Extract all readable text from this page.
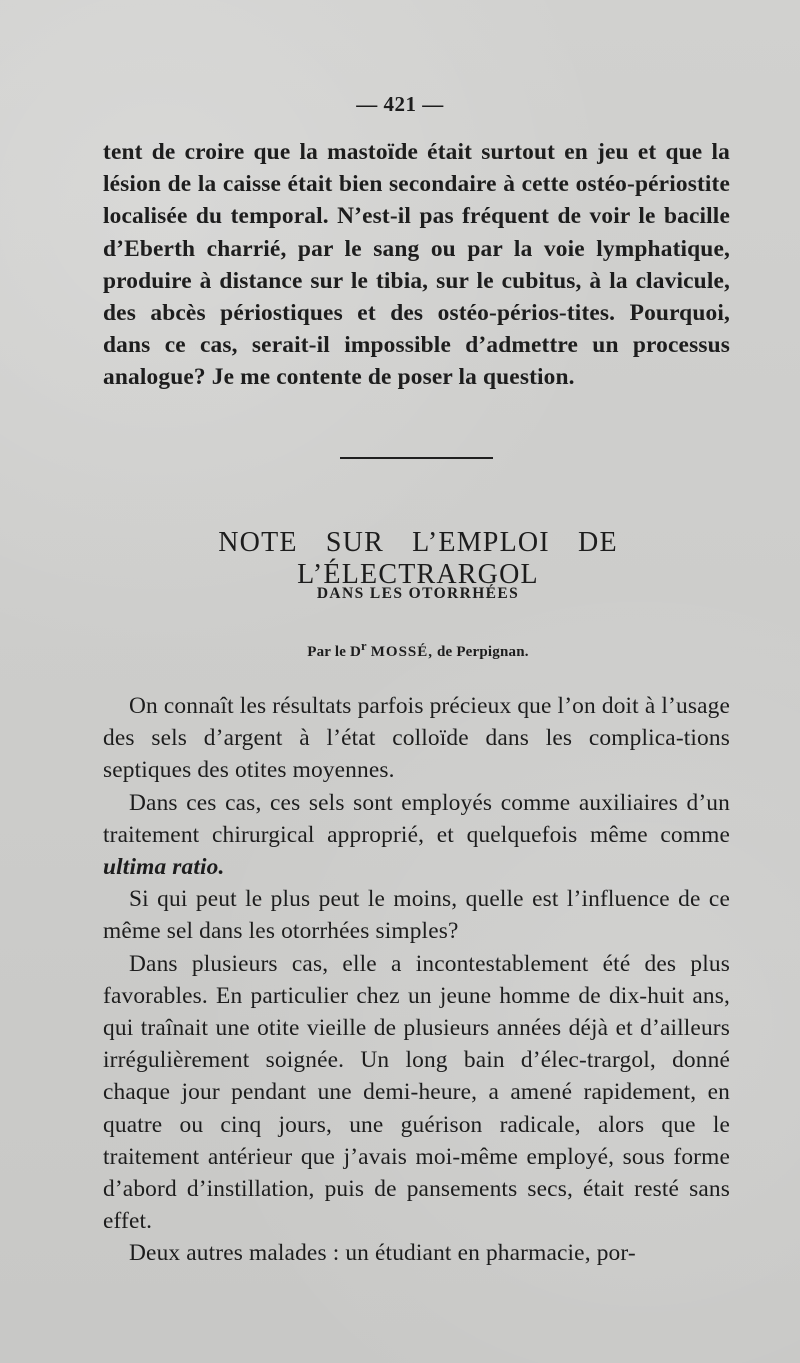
— 421 —
tent de croire que la mastoïde était surtout en jeu et que la lésion de la caisse était bien secondaire à cette ostéo-périostite localisée du temporal. N’est-il pas fréquent de voir le bacille d’Eberth charrié, par le sang ou par la voie lymphatique, produire à distance sur le tibia, sur le cubitus, à la clavicule, des abcès périostiques et des ostéo-périos-tites. Pourquoi, dans ce cas, serait-il impossible d’admettre un processus analogue? Je me contente de poser la question.
NOTE SUR L’EMPLOI DE L’ÉLECTRARGOL
DANS LES OTORRHÉES
Par le $D^r$ MOSSÉ, de Perpignan.

On connaît les résultats parfois précieux que l’on doit à l’usage des sels d’argent à l’état colloïde dans les complica-tions septiques des otites moyennes.

Dans ces cas, ces sels sont employés comme auxiliaires d’un traitement chirurgical approprié, et quelquefois même comme ultima ratio.

Si qui peut le plus peut le moins, quelle est l’influence de ce même sel dans les otorrhées simples?

Dans plusieurs cas, elle a incontestablement été des plus favorables. En particulier chez un jeune homme de dix-huit ans, qui traînait une otite vieille de plusieurs années déjà et d’ailleurs irrégulièrement soignée. Un long bain d’élec-trargol, donné chaque jour pendant une demi-heure, a amené rapidement, en quatre ou cinq jours, une guérison radicale, alors que le traitement antérieur que j’avais moi-même employé, sous forme d’abord d’instillation, puis de pansements secs, était resté sans effet.

Deux autres malades : un étudiant en pharmacie, por-
